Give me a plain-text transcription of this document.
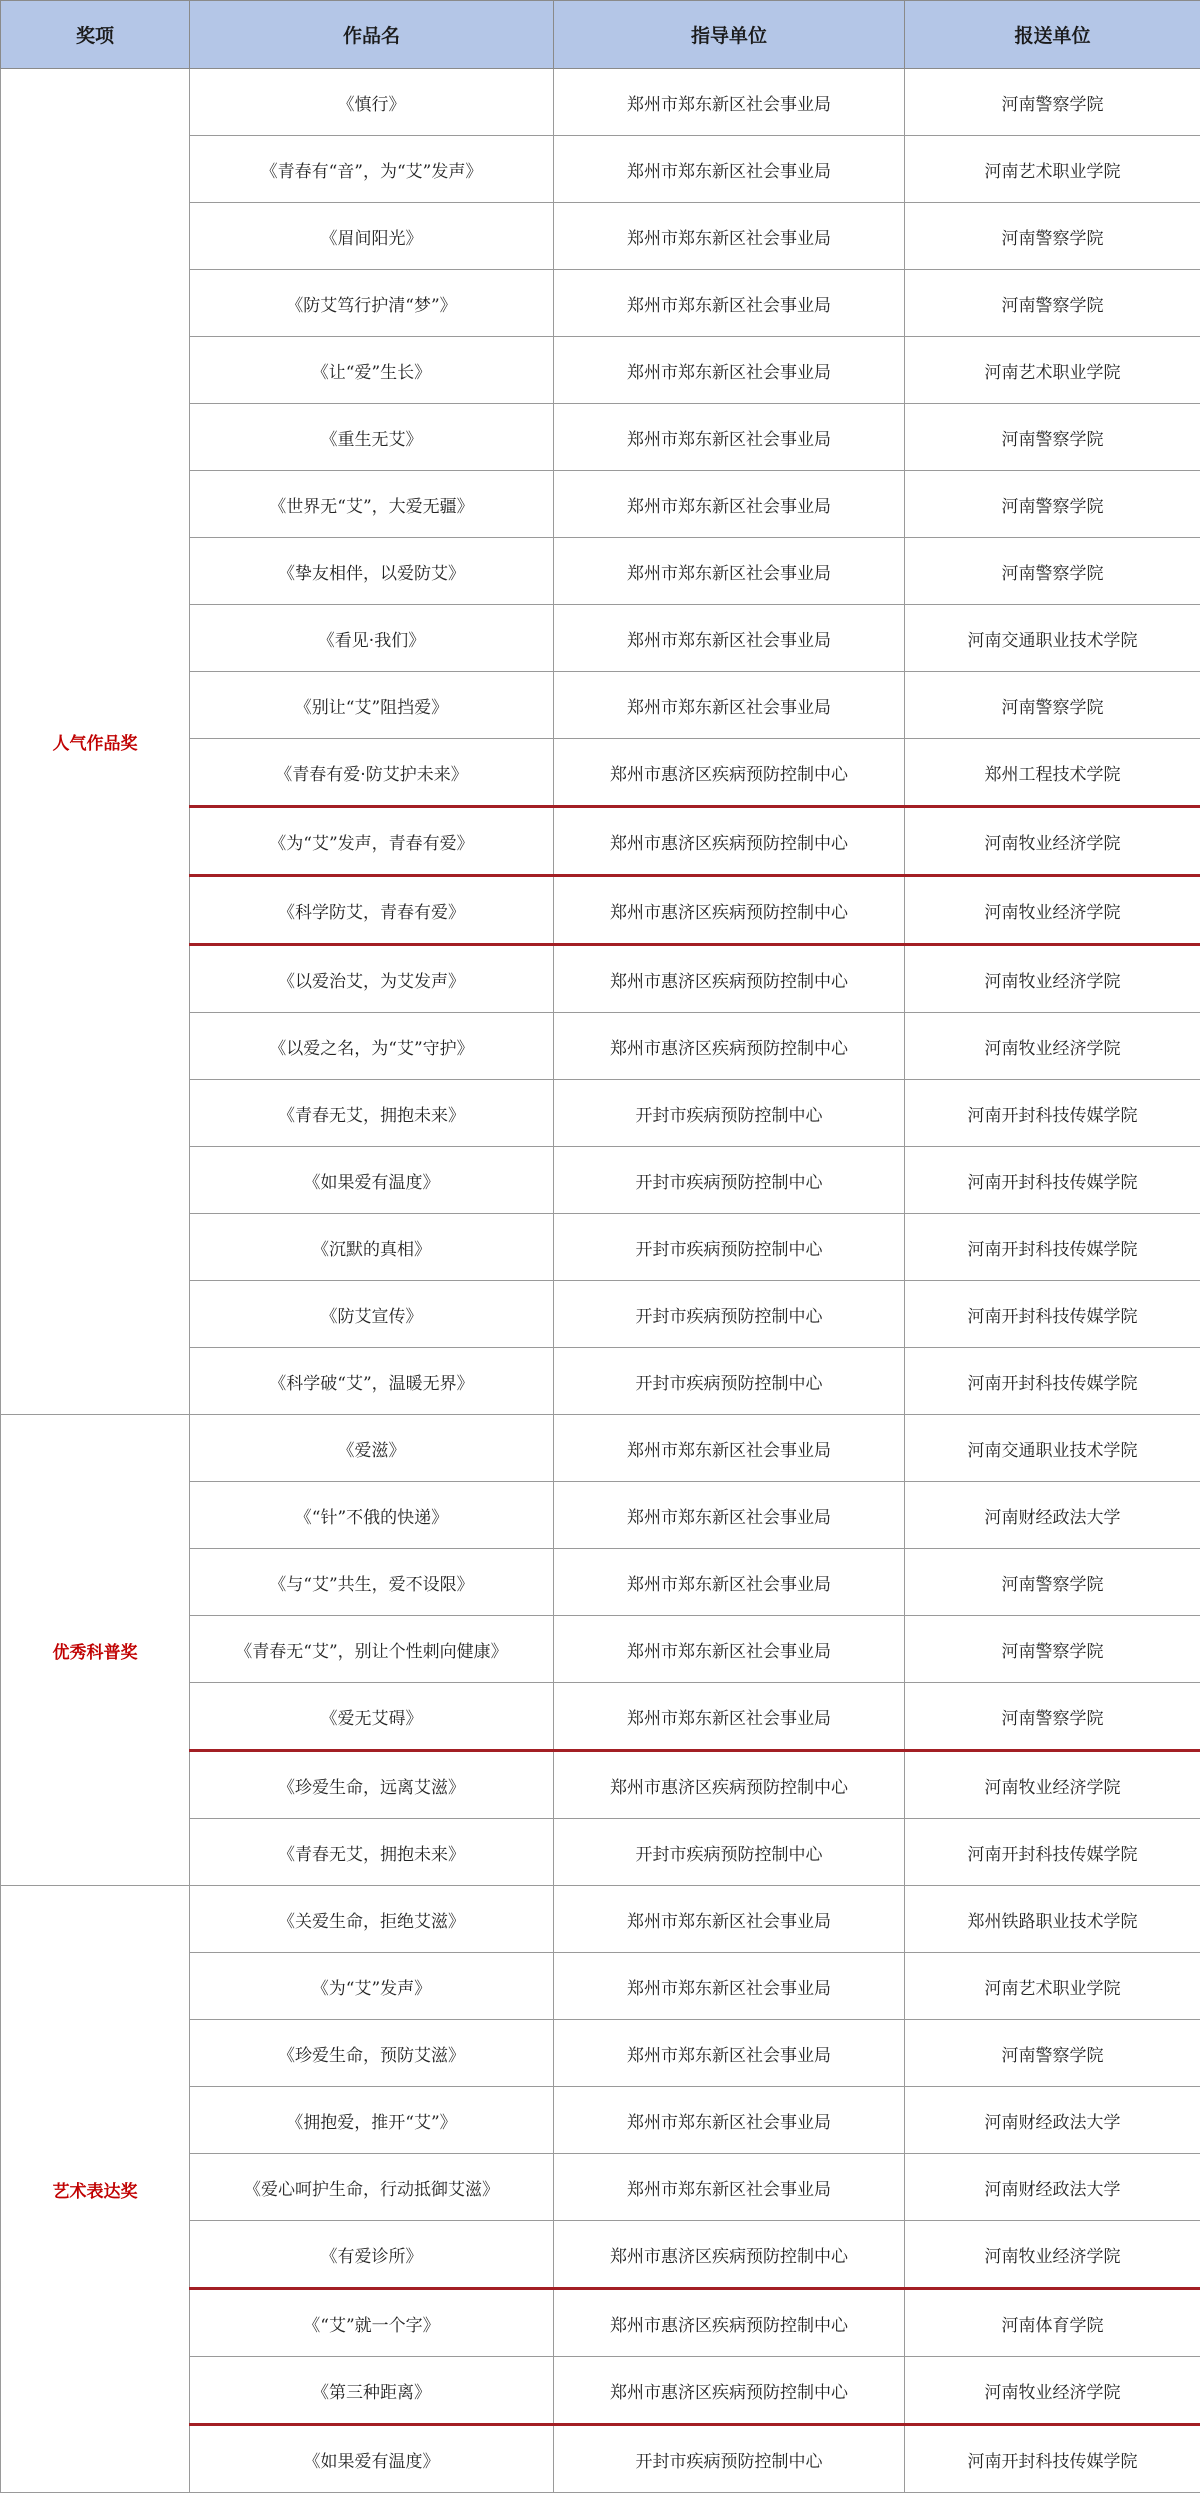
奖项	作品名	指导单位	报送单位
人气作品奖	《慎行》	郑州市郑东新区社会事业局	河南警察学院
	《青春有“音”，为“艾”发声》	郑州市郑东新区社会事业局	河南艺术职业学院
	《眉间阳光》	郑州市郑东新区社会事业局	河南警察学院
	《防艾笃行护清“梦”》	郑州市郑东新区社会事业局	河南警察学院
	《让“爱”生长》	郑州市郑东新区社会事业局	河南艺术职业学院
	《重生无艾》	郑州市郑东新区社会事业局	河南警察学院
	《世界无“艾”，大爱无疆》	郑州市郑东新区社会事业局	河南警察学院
	《挚友相伴，以爱防艾》	郑州市郑东新区社会事业局	河南警察学院
	《看见·我们》	郑州市郑东新区社会事业局	河南交通职业技术学院
	《别让“艾”阻挡爱》	郑州市郑东新区社会事业局	河南警察学院
	《青春有爱·防艾护未来》	郑州市惠济区疾病预防控制中心	郑州工程技术学院
	《为“艾”发声，青春有爱》	郑州市惠济区疾病预防控制中心	河南牧业经济学院
	《科学防艾，青春有爱》	郑州市惠济区疾病预防控制中心	河南牧业经济学院
	《以爱治艾，为艾发声》	郑州市惠济区疾病预防控制中心	河南牧业经济学院
	《以爱之名，为“艾”守护》	郑州市惠济区疾病预防控制中心	河南牧业经济学院
	《青春无艾，拥抱未来》	开封市疾病预防控制中心	河南开封科技传媒学院
	《如果爱有温度》	开封市疾病预防控制中心	河南开封科技传媒学院
	《沉默的真相》	开封市疾病预防控制中心	河南开封科技传媒学院
	《防艾宣传》	开封市疾病预防控制中心	河南开封科技传媒学院
	《科学破“艾”，温暖无界》	开封市疾病预防控制中心	河南开封科技传媒学院
优秀科普奖	《爱滋》	郑州市郑东新区社会事业局	河南交通职业技术学院
	《“针”不俄的快递》	郑州市郑东新区社会事业局	河南财经政法大学
	《与“艾”共生，爱不设限》	郑州市郑东新区社会事业局	河南警察学院
	《青春无“艾”，别让个性刺向健康》	郑州市郑东新区社会事业局	河南警察学院
	《爱无艾碍》	郑州市郑东新区社会事业局	河南警察学院
	《珍爱生命，远离艾滋》	郑州市惠济区疾病预防控制中心	河南牧业经济学院
	《青春无艾，拥抱未来》	开封市疾病预防控制中心	河南开封科技传媒学院
艺术表达奖	《关爱生命，拒绝艾滋》	郑州市郑东新区社会事业局	郑州铁路职业技术学院
	《为“艾”发声》	郑州市郑东新区社会事业局	河南艺术职业学院
	《珍爱生命，预防艾滋》	郑州市郑东新区社会事业局	河南警察学院
	《拥抱爱，推开“艾”》	郑州市郑东新区社会事业局	河南财经政法大学
	《爱心呵护生命，行动抵御艾滋》	郑州市郑东新区社会事业局	河南财经政法大学
	《有爱诊所》	郑州市惠济区疾病预防控制中心	河南牧业经济学院
	《“艾”就一个字》	郑州市惠济区疾病预防控制中心	河南体育学院
	《第三种距离》	郑州市惠济区疾病预防控制中心	河南牧业经济学院
	《如果爱有温度》	开封市疾病预防控制中心	河南开封科技传媒学院
